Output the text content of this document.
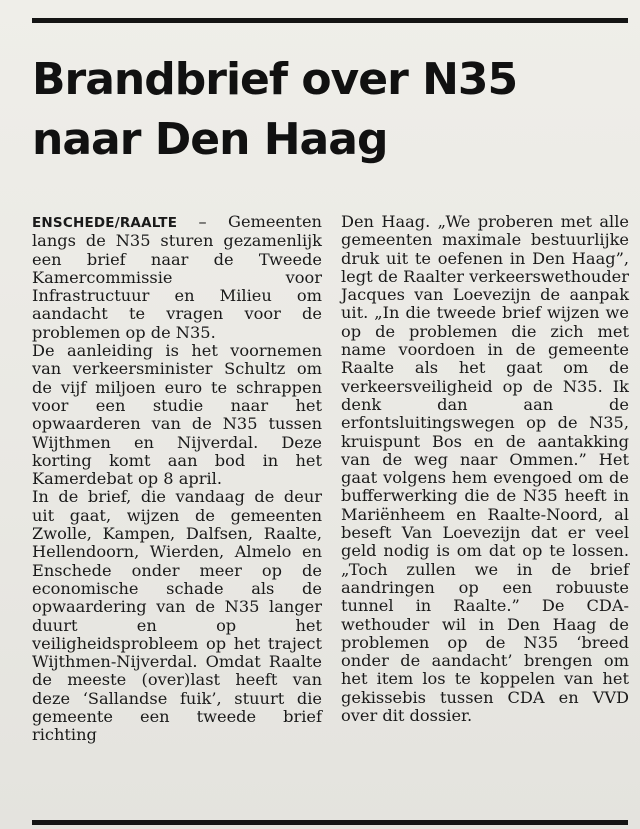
Brandbrief over N35
naar Den Haag

ENSCHEDE/RAALTE – Gemeenten langs de N35 sturen gezamenlijk een brief naar de Tweede Kamercommissie voor Infrastructuur en Milieu om aandacht te vragen voor de problemen op de N35.

De aanleiding is het voornemen van verkeersminister Schultz om de vijf miljoen euro te schrappen voor een studie naar het opwaarderen van de N35 tussen Wijthmen en Nijverdal. Deze korting komt aan bod in het Kamerdebat op 8 april.

In de brief, die vandaag de deur uit gaat, wijzen de gemeenten Zwolle, Kampen, Dalfsen, Raalte, Hellendoorn, Wierden, Almelo en Enschede onder meer op de economische schade als de opwaardering van de N35 langer duurt en op het veiligheidsprobleem op het traject Wijthmen-Nijverdal. Omdat Raalte de meeste (over)last heeft van deze ‘Sallandse fuik’, stuurt die gemeente een tweede brief richting

Den Haag. „We proberen met alle gemeenten maximale bestuurlijke druk uit te oefenen in Den Haag”, legt de Raalter verkeerswethouder Jacques van Loevezijn de aanpak uit. „In die tweede brief wijzen we op de problemen die zich met name voordoen in de gemeente Raalte als het gaat om de verkeersveiligheid op de N35. Ik denk dan aan de erfontsluitingswegen op de N35, kruispunt Bos en de aantakking van de weg naar Ommen.” Het gaat volgens hem evengoed om de bufferwerking die de N35 heeft in Mariënheem en Raalte-Noord, al beseft Van Loevezijn dat er veel geld nodig is om dat op te lossen. „Toch zullen we in de brief aandringen op een robuuste tunnel in Raalte.” De CDA-wethouder wil in Den Haag de problemen op de N35 ‘breed onder de aandacht’ brengen om het item los te koppelen van het gekissebis tussen CDA en VVD over dit dossier.
